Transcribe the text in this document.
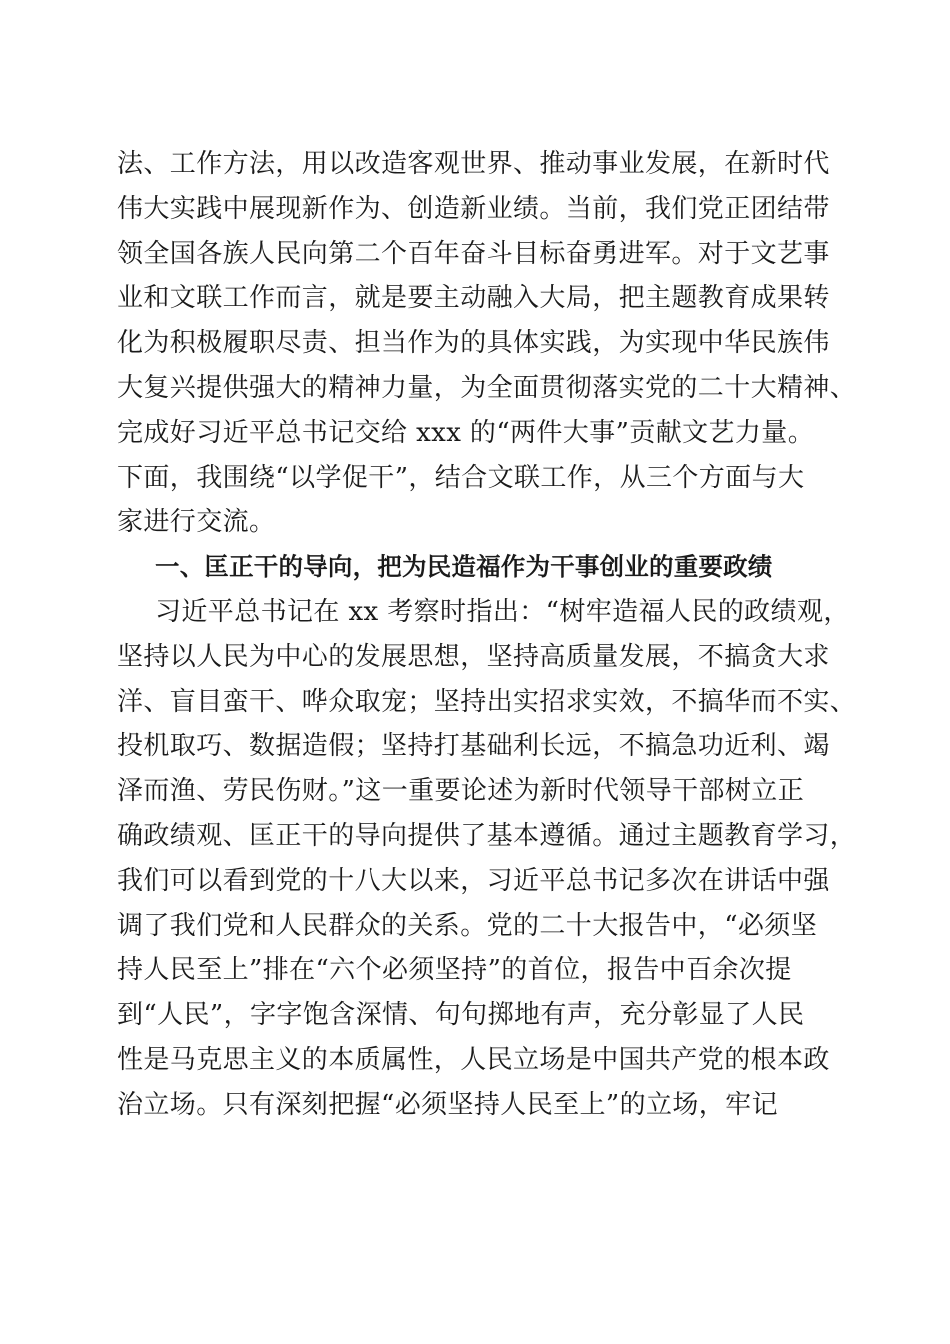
法、工作方法，用以改造客观世界、推动事业发展，在新时代
伟大实践中展现新作为、创造新业绩。当前，我们党正团结带
领全国各族人民向第二个百年奋斗目标奋勇进军。对于文艺事
业和文联工作而言，就是要主动融入大局，把主题教育成果转
化为积极履职尽责、担当作为的具体实践，为实现中华民族伟
大复兴提供强大的精神力量，为全面贯彻落实党的二十大精神、
完成好习近平总书记交给 xxx 的“两件大事”贡献文艺力量。
下面，我围绕“以学促干”，结合文联工作，从三个方面与大
家进行交流。
一、匡正干的导向，把为民造福作为干事创业的重要政绩
习近平总书记在 xx 考察时指出：“树牢造福人民的政绩观，
坚持以人民为中心的发展思想，坚持高质量发展，不搞贪大求
洋、盲目蛮干、哗众取宠；坚持出实招求实效，不搞华而不实、
投机取巧、数据造假；坚持打基础利长远，不搞急功近利、竭
泽而渔、劳民伤财。”这一重要论述为新时代领导干部树立正
确政绩观、匡正干的导向提供了基本遵循。通过主题教育学习，
我们可以看到党的十八大以来，习近平总书记多次在讲话中强
调了我们党和人民群众的关系。党的二十大报告中，“必须坚
持人民至上”排在“六个必须坚持”的首位，报告中百余次提
到“人民”，字字饱含深情、句句掷地有声，充分彰显了人民
性是马克思主义的本质属性，人民立场是中国共产党的根本政
治立场。只有深刻把握“必须坚持人民至上”的立场，牢记
